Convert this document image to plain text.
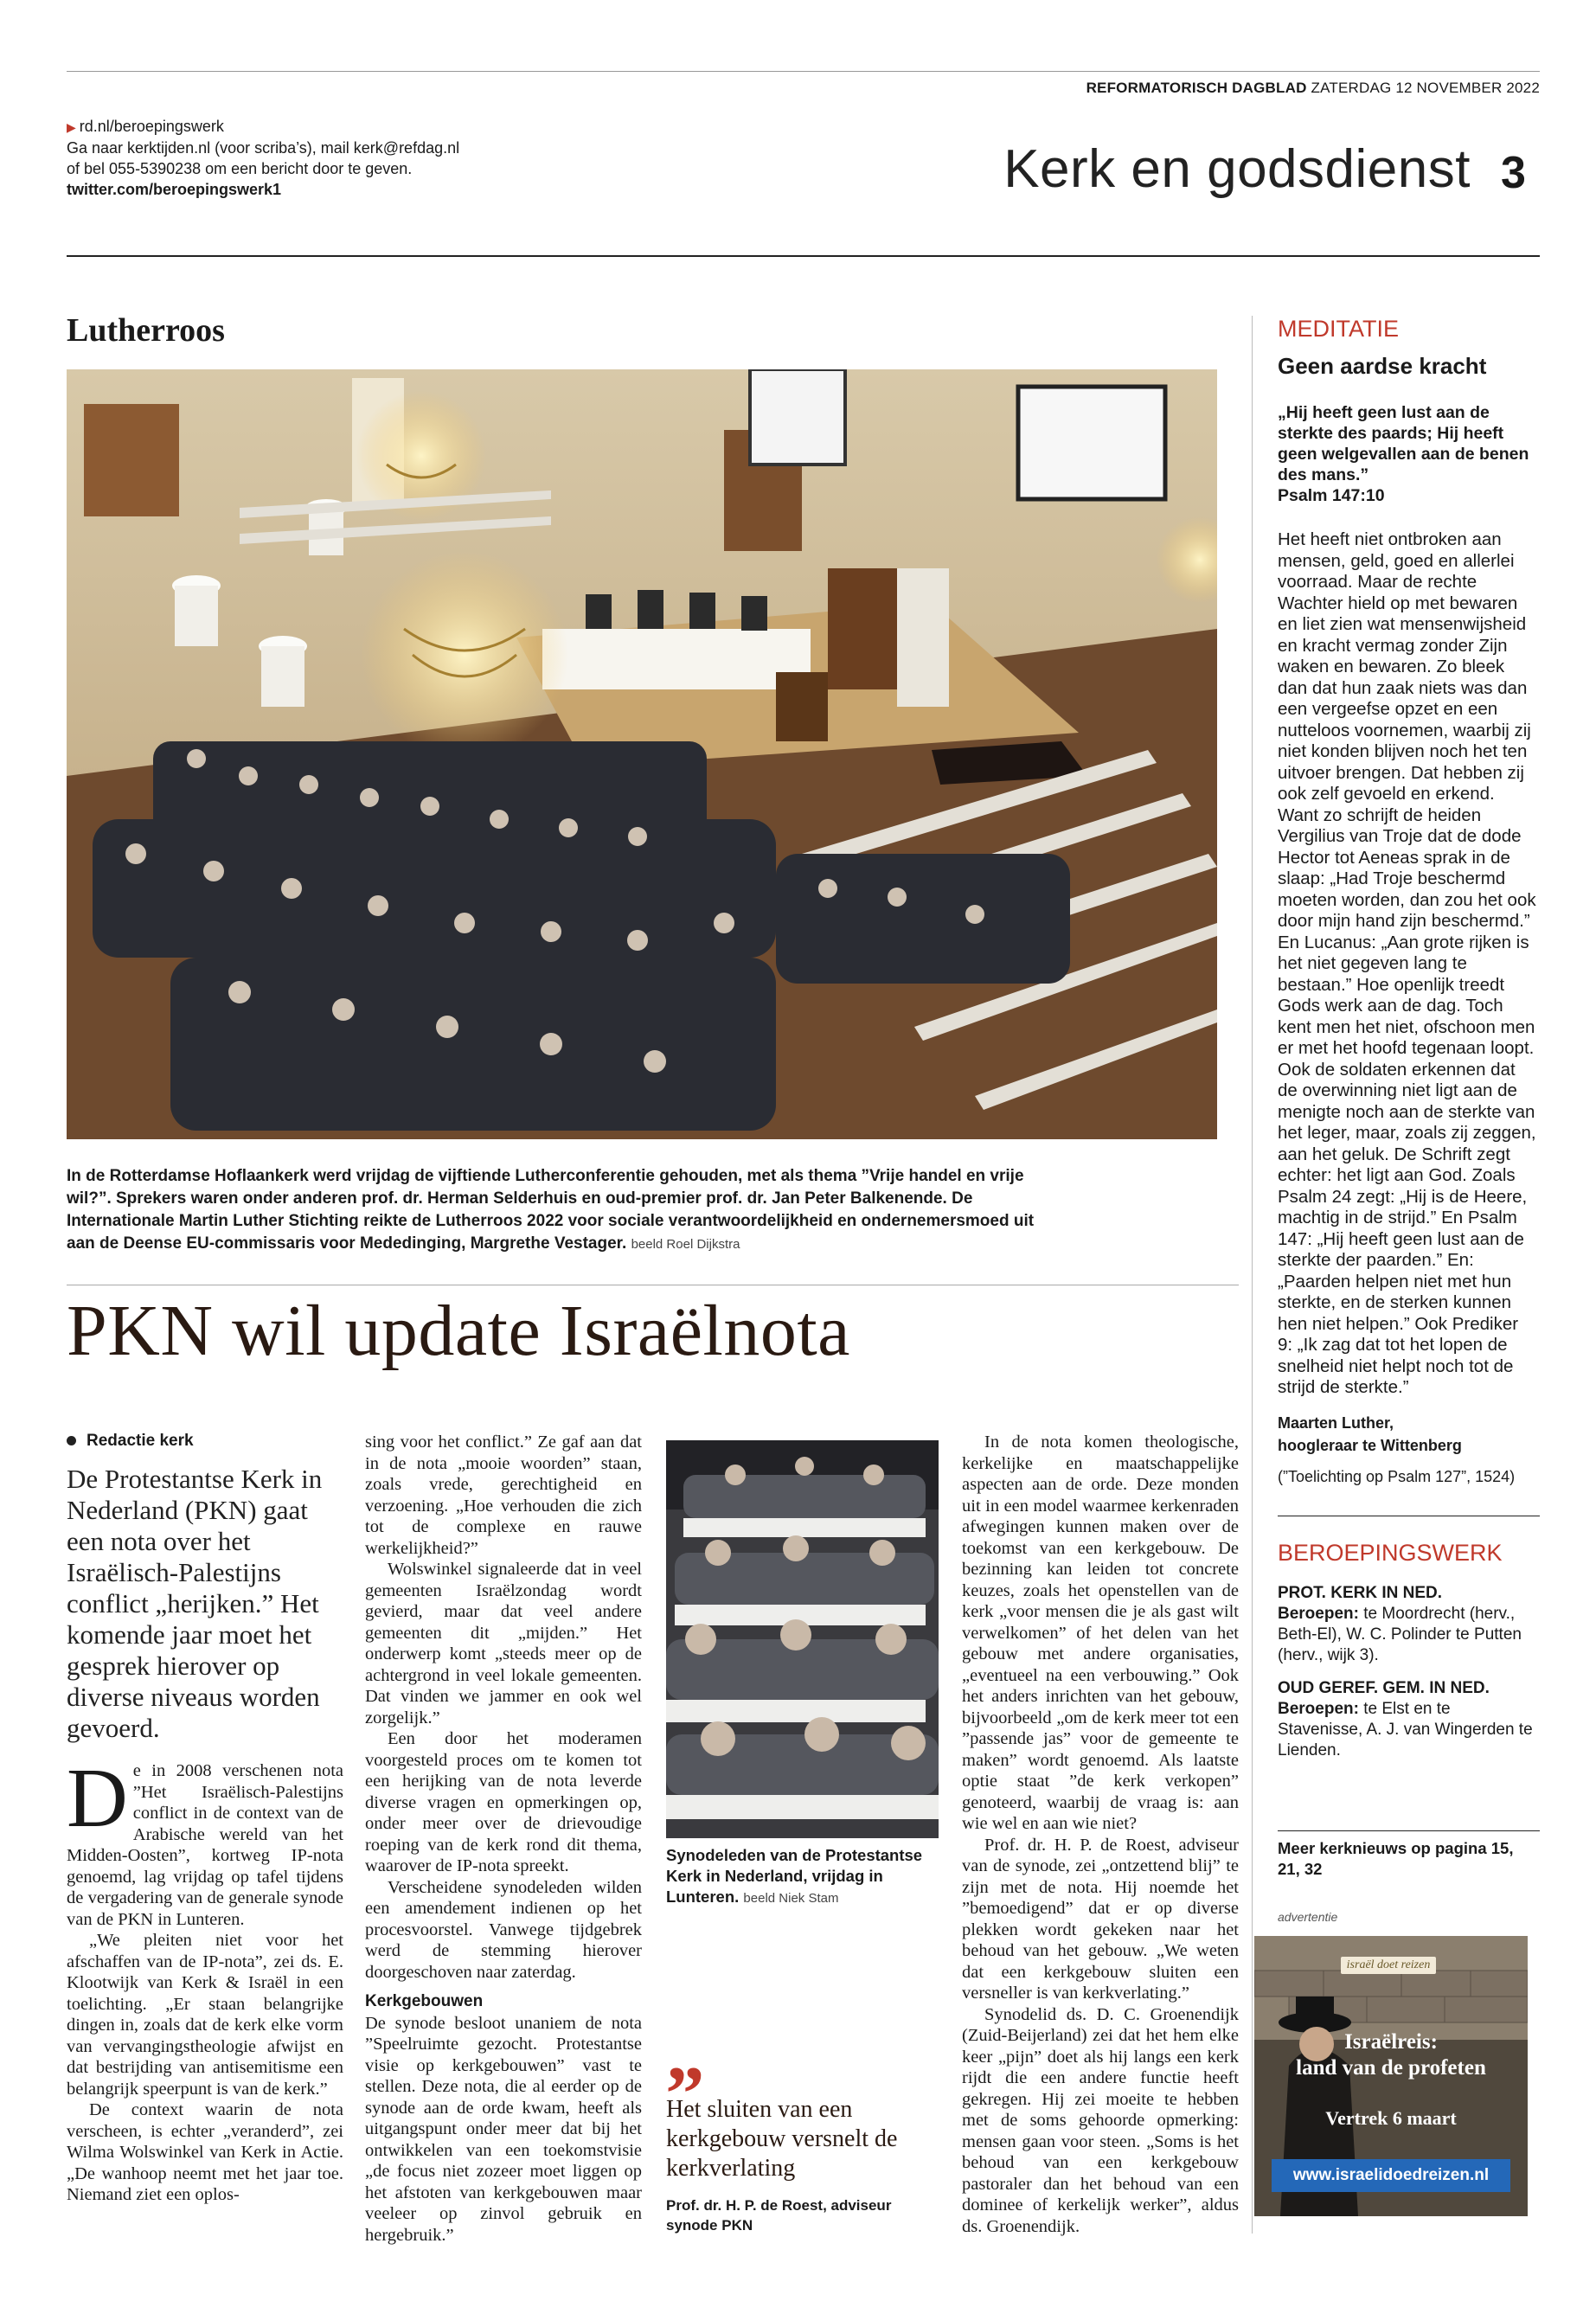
REFORMATORISCH DAGBLAD ZATERDAG 12 NOVEMBER 2022
▶ rd.nl/beroepingswerk
Ga naar kerktijden.nl (voor scriba’s), mail kerk@refdag.nl
of bel 055-5390238 om een bericht door te geven.
twitter.com/beroepingswerk1	Kerk en godsdienst 3
Lutherroos
In de Rotterdamse Hoflaankerk werd vrijdag de vijftiende Lutherconferentie gehouden, met als thema ”Vrije handel en vrije wil?”. Sprekers waren onder anderen prof. dr. Herman Selderhuis en oud-premier prof. dr. Jan Peter Balkenende. De Internationale Martin Luther Stichting reikte de Lutherroos 2022 voor sociale verantwoordelijkheid en ondernemersmoed uit aan de Deense EU-commissaris voor Mededinging, Margrethe Vestager. beeld Roel Dijkstra
PKN wil update Israëlnota
Redactie kerk
De Protestantse Kerk in Nederland (PKN) gaat een nota over het Israëlisch-Palestijns conflict „herijken.” Het komende jaar moet het gesprek hierover op diverse niveaus worden gevoerd.
D e in 2008 verschenen nota ”Het Israëlisch-Palestijns conflict in de context van de Arabische wereld van het Midden-Oosten”, kortweg IP-nota genoemd, lag vrijdag op tafel tijdens de vergadering van de generale synode van de PKN in Lunteren.

„We pleiten niet voor het afschaffen van de IP-nota”, zei ds. E. Klootwijk van Kerk & Israël in een toelichting. „Er staan belangrijke dingen in, zoals dat de kerk elke vorm van vervangingstheologie afwijst en dat bestrijding van antisemitisme een belangrijk speerpunt is van de kerk.”

De context waarin de nota verscheen, is echter „veranderd”, zei Wilma Wolswinkel van Kerk in Actie. „De wanhoop neemt met het jaar toe. Niemand ziet een oplos-

sing voor het conflict.” Ze gaf aan dat in de nota „mooie woorden” staan, zoals vrede, gerechtigheid en verzoening. „Hoe verhouden die zich tot de complexe en rauwe werkelijkheid?”

Wolswinkel signaleerde dat in veel gemeenten Israëlzondag wordt gevierd, maar dat veel andere gemeenten dit „mijden.” Het onderwerp komt „steeds meer op de achtergrond in veel lokale gemeenten. Dat vinden we jammer en ook wel zorgelijk.”

Een door het moderamen voorgesteld proces om te komen tot een herijking van de nota leverde diverse vragen en opmerkingen op, onder meer over de drievoudige roeping van de kerk rond dit thema, waarover de IP-nota spreekt.

Verscheidene synodeleden wilden een amendement indienen op het procesvoorstel. Vanwege tijdgebrek werd de stemming hierover doorgeschoven naar zaterdag.

Kerkgebouwen

De synode besloot unaniem de nota ”Speelruimte gezocht. Protestantse visie op kerkgebouwen” vast te stellen. Deze nota, die al eerder op de synode aan de orde kwam, heeft als uitgangspunt onder meer dat bij het ontwikkelen van een toekomstvisie „de focus niet zozeer moet liggen op het afstoten van kerkgebouwen maar veeleer op zinvol gebruik en hergebruik.”

Synodeleden van de Protestantse Kerk in Nederland, vrijdag in Lunteren. beeld Niek Stam
„
Het sluiten van een kerkgebouw versnelt de kerkverlating
Prof. dr. H. P. de Roest, adviseur synode PKN

In de nota komen theologische, kerkelijke en maatschappelijke aspecten aan de orde. Deze monden uit in een model waarmee kerkenraden afwegingen kunnen maken over de toekomst van een kerkgebouw. De bezinning kan leiden tot concrete keuzes, zoals het openstellen van de kerk „voor mensen die je als gast wilt verwelkomen” of het delen van het gebouw met andere organisaties, „eventueel na een verbouwing.” Ook het anders inrichten van het gebouw, bijvoorbeeld „om de kerk meer tot een ”passende jas” voor de gemeente te maken” wordt genoemd. Als laatste optie staat ”de kerk verkopen” genoteerd, waarbij de vraag is: aan wie wel en aan wie niet?

Prof. dr. H. P. de Roest, adviseur van de synode, zei „ontzettend blij” te zijn met de nota. Hij noemde het ”bemoedigend” dat er op diverse plekken wordt gekeken naar het behoud van het gebouw. „We weten dat een kerkgebouw sluiten een versneller is van kerkverlating.”

Synodelid ds. D. C. Groenendijk (Zuid-Beijerland) zei dat het hem elke keer „pijn” doet als hij langs een kerk rijdt die een andere functie heeft gekregen. Hij zei moeite te hebben met de soms gehoorde opmerking: mensen gaan voor steen. „Soms is het behoud van een kerkgebouw pastoraler dan het behoud van een domineе of kerkelijk werker”, aldus ds. Groenendijk.

MEDITATIE
Geen aardse kracht
„Hij heeft geen lust aan de sterkte des paards; Hij heeft geen welgevallen aan de benen des mans.”
Psalm 147:10
Het heeft niet ontbroken aan mensen, geld, goed en allerlei voorraad. Maar de rechte Wachter hield op met bewaren en liet zien wat mensenwijsheid en kracht vermag zonder Zijn waken en bewaren. Zo bleek dan dat hun zaak niets was dan een vergeefse opzet en een nutteloos voornemen, waarbij zij niet konden blijven noch het ten uitvoer brengen. Dat hebben zij ook zelf gevoeld en erkend. Want zo schrijft de heiden Vergilius van Troje dat de dode Hector tot Aeneas sprak in de slaap: „Had Troje beschermd moeten worden, dan zou het ook door mijn hand zijn beschermd.” En Lucanus: „Aan grote rijken is het niet gegeven lang te bestaan.” Hoe openlijk treedt Gods werk aan de dag. Toch kent men het niet, ofschoon men er met het hoofd tegenaan loopt. Ook de soldaten erkennen dat de overwinning niet ligt aan de menigte noch aan de sterkte van het leger, maar, zoals zij zeggen, aan het geluk. De Schrift zegt echter: het ligt aan God. Zoals Psalm 24 zegt: „Hij is de Heere, machtig in de strijd.” En Psalm 147: „Hij heeft geen lust aan de sterkte der paarden.” En: „Paarden helpen niet met hun sterkte, en de sterken kunnen hen niet helpen.” Ook Prediker 9: „Ik zag dat tot het lopen de snelheid niet helpt noch tot de strijd de sterkte.”
Maarten Luther,
hoogleraar te Wittenberg
(”Toelichting op Psalm 127”, 1524)
BEROEPINGSWERK
PROT. KERK IN NED.
Beroepen: te Moordrecht (herv., Beth-El), W. C. Polinder te Putten (herv., wijk 3).
OUD GEREF. GEM. IN NED.
Beroepen: te Elst en te Stavenisse, A. J. van Wingerden te Lienden.
Meer kerknieuws op pagina 15, 21, 32
advertentie
israël doet reizen
Israëlreis:
land van de profeten
Vertrek 6 maart
www.israelidoedreizen.nl
